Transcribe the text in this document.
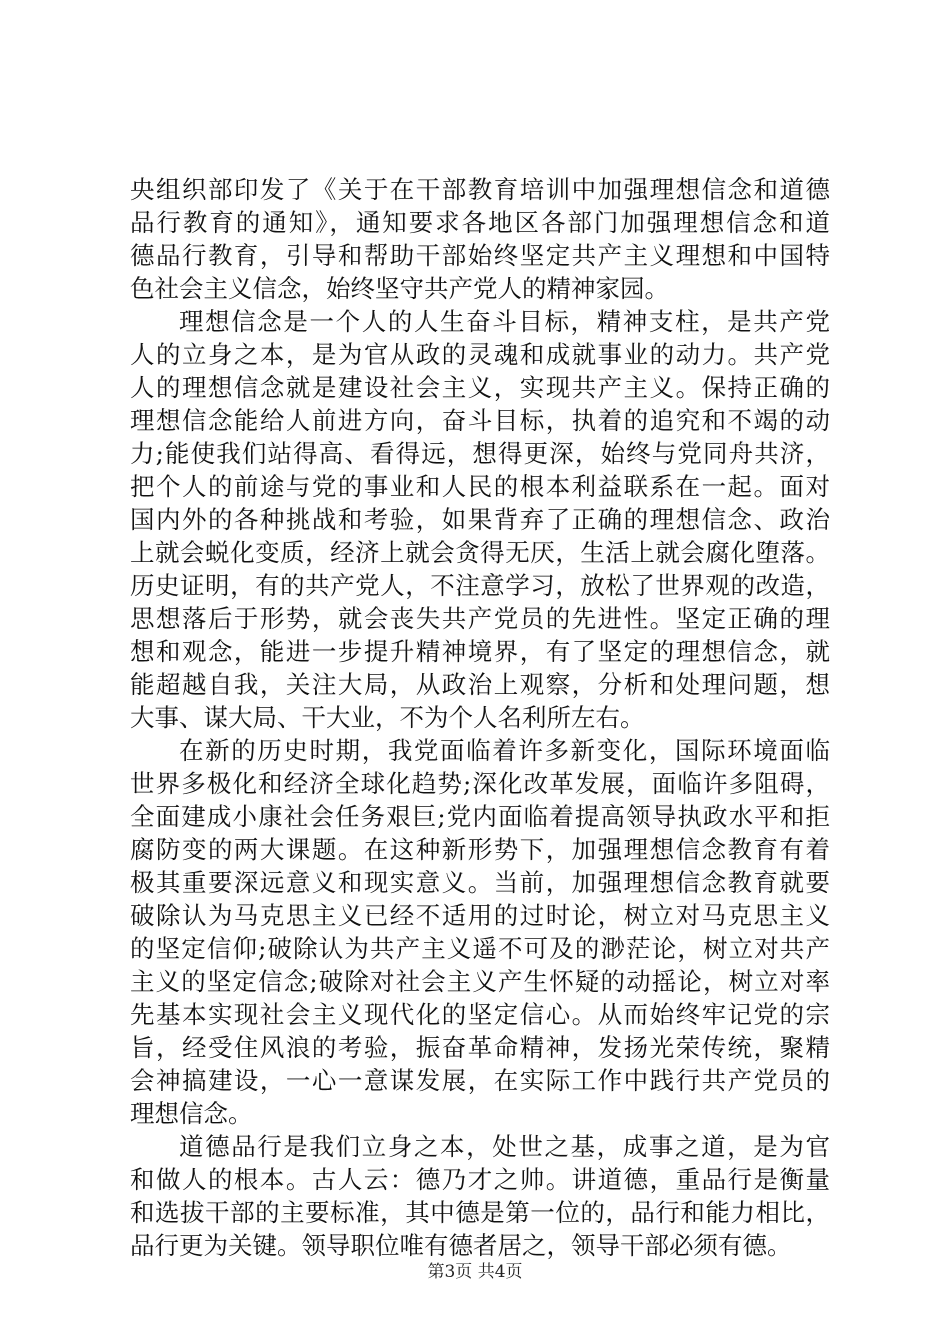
央组织部印发了《关于在干部教育培训中加强理想信念和道德
品行教育的通知》，通知要求各地区各部门加强理想信念和道
德品行教育，引导和帮助干部始终坚定共产主义理想和中国特
色社会主义信念，始终坚守共产党人的精神家园。
理想信念是一个人的人生奋斗目标，精神支柱，是共产党
人的立身之本，是为官从政的灵魂和成就事业的动力。共产党
人的理想信念就是建设社会主义，实现共产主义。保持正确的
理想信念能给人前进方向，奋斗目标，执着的追究和不竭的动
力;能使我们站得高、看得远，想得更深，始终与党同舟共济，
把个人的前途与党的事业和人民的根本利益联系在一起。面对
国内外的各种挑战和考验，如果背弃了正确的理想信念、政治
上就会蜕化变质，经济上就会贪得无厌，生活上就会腐化堕落。
历史证明，有的共产党人，不注意学习，放松了世界观的改造，
思想落后于形势，就会丧失共产党员的先进性。坚定正确的理
想和观念，能进一步提升精神境界，有了坚定的理想信念，就
能超越自我，关注大局，从政治上观察，分析和处理问题，想
大事、谋大局、干大业，不为个人名利所左右。
在新的历史时期，我党面临着许多新变化，国际环境面临
世界多极化和经济全球化趋势;深化改革发展，面临许多阻碍，
全面建成小康社会任务艰巨;党内面临着提高领导执政水平和拒
腐防变的两大课题。在这种新形势下，加强理想信念教育有着
极其重要深远意义和现实意义。当前，加强理想信念教育就要
破除认为马克思主义已经不适用的过时论，树立对马克思主义
的坚定信仰;破除认为共产主义遥不可及的渺茫论，树立对共产
主义的坚定信念;破除对社会主义产生怀疑的动摇论，树立对率
先基本实现社会主义现代化的坚定信心。从而始终牢记党的宗
旨，经受住风浪的考验，振奋革命精神，发扬光荣传统，聚精
会神搞建设，一心一意谋发展，在实际工作中践行共产党员的
理想信念。
道德品行是我们立身之本，处世之基，成事之道，是为官
和做人的根本。古人云：德乃才之帅。讲道德，重品行是衡量
和选拔干部的主要标准，其中德是第一位的，品行和能力相比，
品行更为关键。领导职位唯有德者居之，领导干部必须有德。
第3页 共4页
